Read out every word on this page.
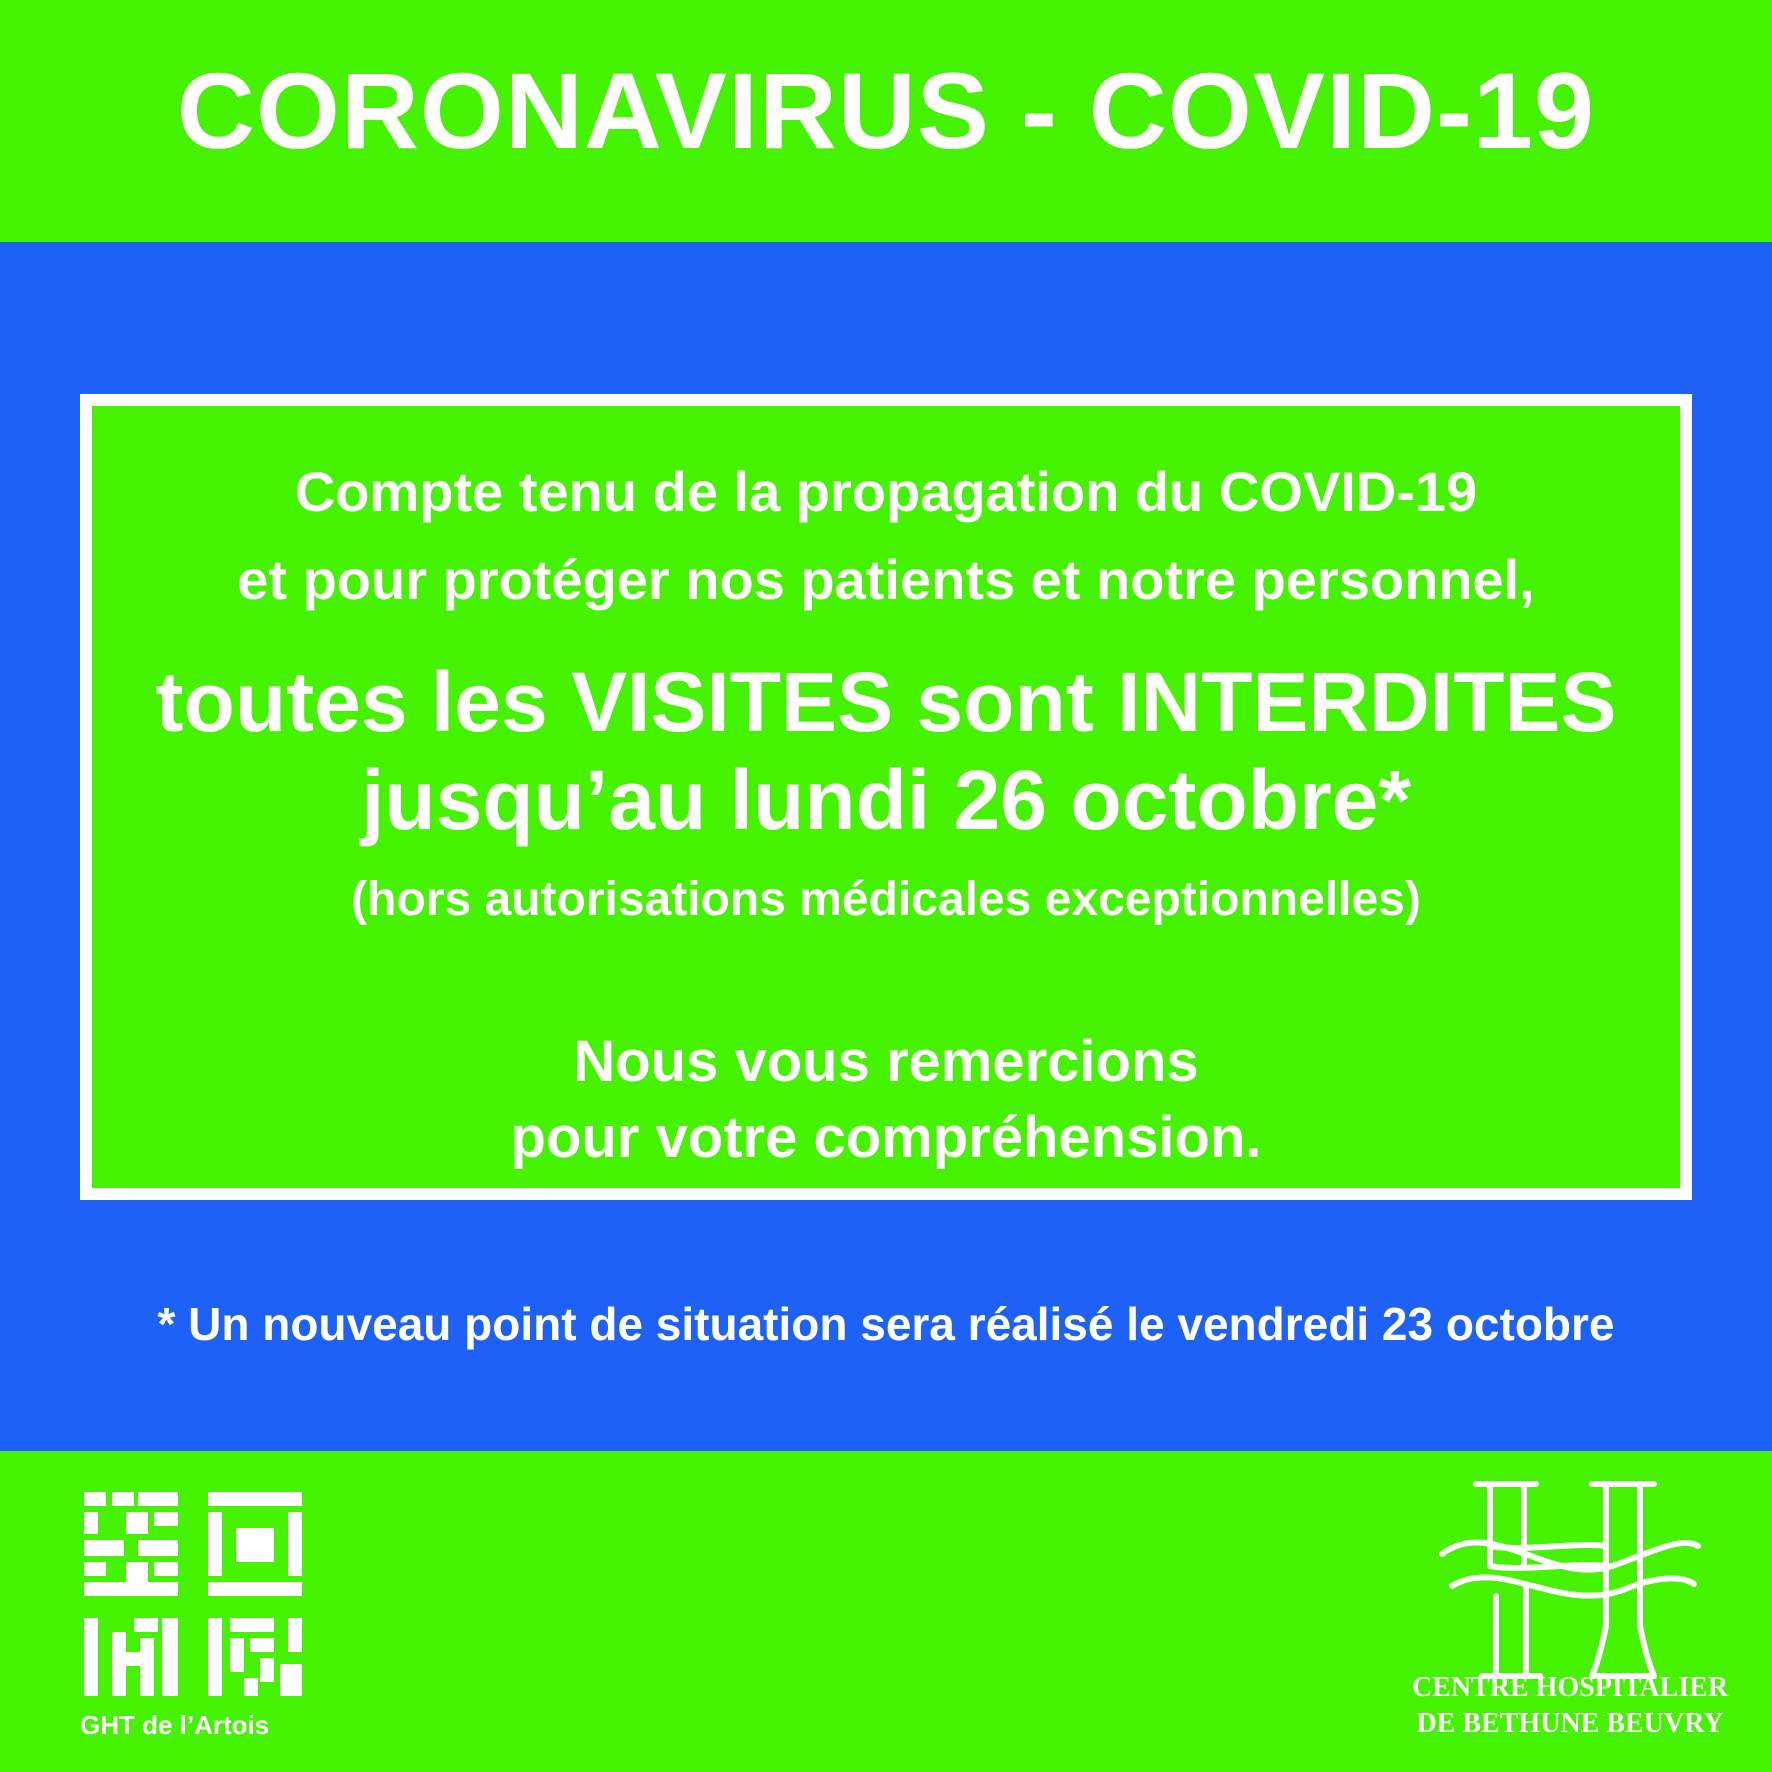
CORONAVIRUS - COVID-19
Compte tenu de la propagation du COVID-19
et pour protéger nos patients et notre personnel,
toutes les VISITES sont INTERDITES
jusqu’au lundi 26 octobre*
(hors autorisations médicales exceptionnelles)
Nous vous remercions
pour votre compréhension.
* Un nouveau point de situation sera réalisé le vendredi 23 octobre
GHT de l’Artois
CENTRE HOSPITALIER
DE BETHUNE BEUVRY
